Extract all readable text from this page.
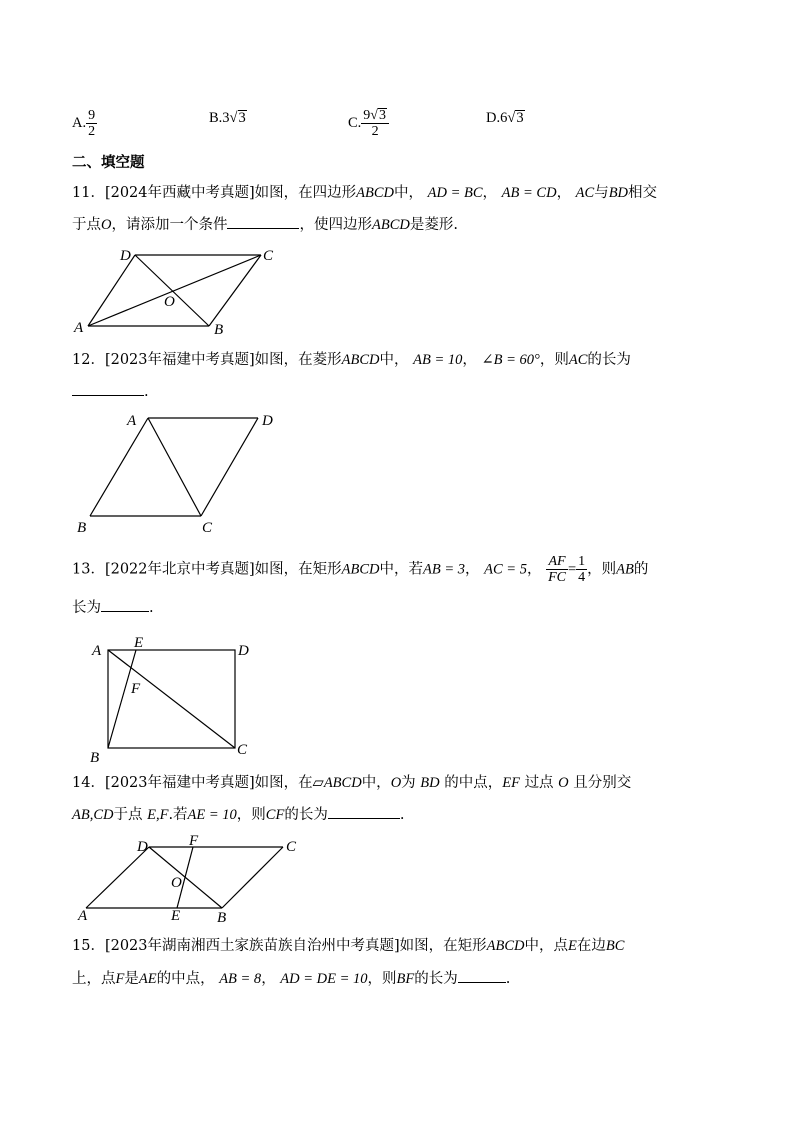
A. $\frac{9}{2}$	B.3√3	C. $\frac{9√3}{2}$	D.6√3
二、填空题
11．[2024年西藏中考真题]如图，在四边形ABCD中， AD = BC， AB = CD， AC与BD相交
于点O，请添加一个条件	，使四边形ABCD是菱形.
A	B
C
D
O
12．[2023年福建中考真题]如图，在菱形ABCD中， AB = 10， ∠B = 60°，则AC的长为
.
A
B	C
D
13．[2022年北京中考真题]如图，在矩形ABCD中，若AB = 3， AC = 5， $\frac{AF}{FC} = \frac{1}{4}$ ，则AB的
长为	.
A E	D
F
B	C
14．[2023年福建中考真题]如图，在▱ABCD中，O为 BD 的中点，EF 过点 O 且分别交
AB,CD于点 E,F.若AE = 10，则CF的长为	.
A	E B
C
D	F
O
15．[2023年湖南湘西土家族苗族自治州中考真题]如图，在矩形ABCD中，点E在边BC
上，点F是AE的中点， AB = 8， AD = DE = 10，则BF的长为	.
